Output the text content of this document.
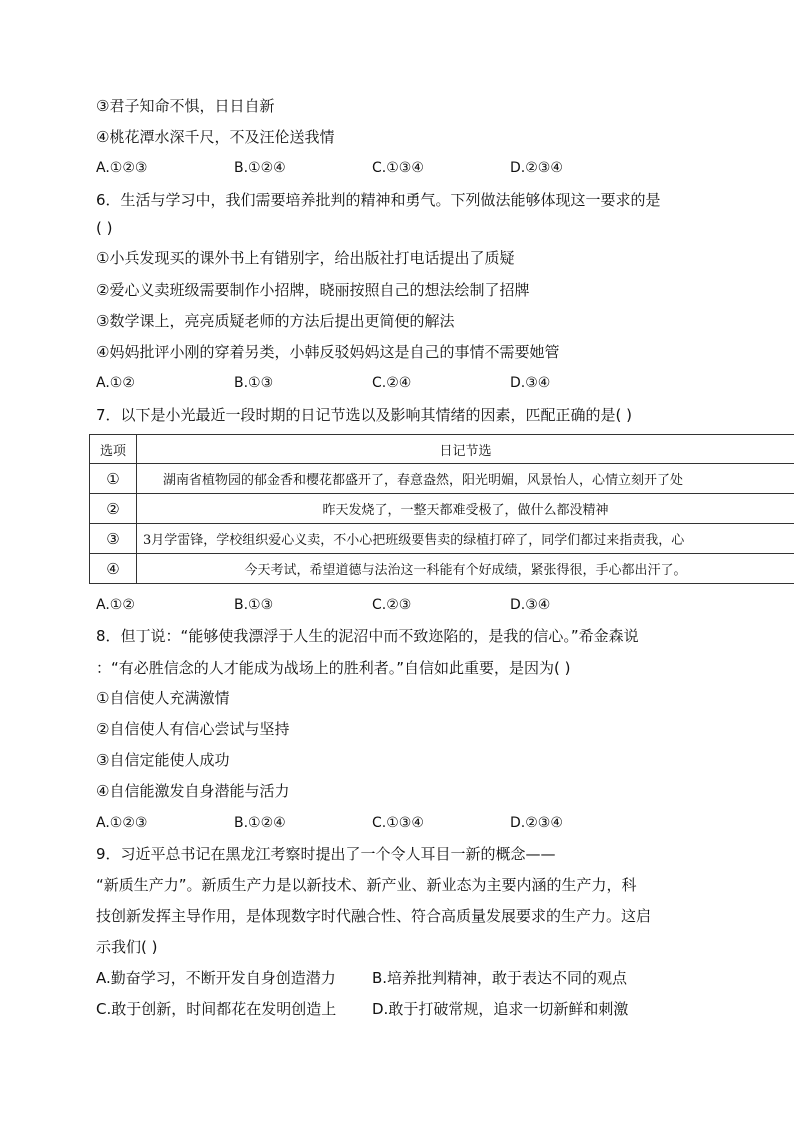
③君子知命不惧，日日自新
④桃花潭水深千尺，不及汪伦送我情
A.①②③	B.①②④	C.①③④	D.②③④
6．生活与学习中，我们需要培养批判的精神和勇气。下列做法能够体现这一要求的是
( )
①小兵发现买的课外书上有错别字，给出版社打电话提出了质疑
②爱心义卖班级需要制作小招牌，晓丽按照自己的想法绘制了招牌
③数学课上，亮亮质疑老师的方法后提出更简便的解法
④妈妈批评小刚的穿着另类，小韩反驳妈妈这是自己的事情不需要她管
A.①②	B.①③	C.②④	D.③④
7．以下是小光最近一段时期的日记节选以及影响其情绪的因素，匹配正确的是( )
选项	日记节选
①	湖南省植物园的郁金香和樱花都盛开了，春意盎然，阳光明媚，风景怡人，心情立刻开了处
②	昨天发烧了，一整天都难受极了，做什么都没精神
③	3月学雷锋，学校组织爱心义卖，不小心把班级要售卖的绿植打碎了，同学们都过来指责我，心
④	今天考试，希望道德与法治这一科能有个好成绩，紧张得很，手心都出汗了。
A.①②	B.①③	C.②③	D.③④
8．但丁说：“能够使我漂浮于人生的泥沼中而不致迩陷的，是我的信心。”希金森说
：“有必胜信念的人才能成为战场上的胜利者。”自信如此重要，是因为( )
①自信使人充满激情
②自信使人有信心尝试与坚持
③自信定能使人成功
④自信能激发自身潜能与活力
A.①②③	B.①②④	C.①③④	D.②③④
9．习近平总书记在黑龙江考察时提出了一个令人耳目一新的概念——
“新质生产力”。新质生产力是以新技术、新产业、新业态为主要内涵的生产力，科
技创新发挥主导作用，是体现数字时代融合性、符合高质量发展要求的生产力。这启
示我们( )
A.勤奋学习，不断开发自身创造潜力 B.培养批判精神，敢于表达不同的观点
C.敢于创新，时间都花在发明创造上 D.敢于打破常规，追求一切新鲜和刺激
